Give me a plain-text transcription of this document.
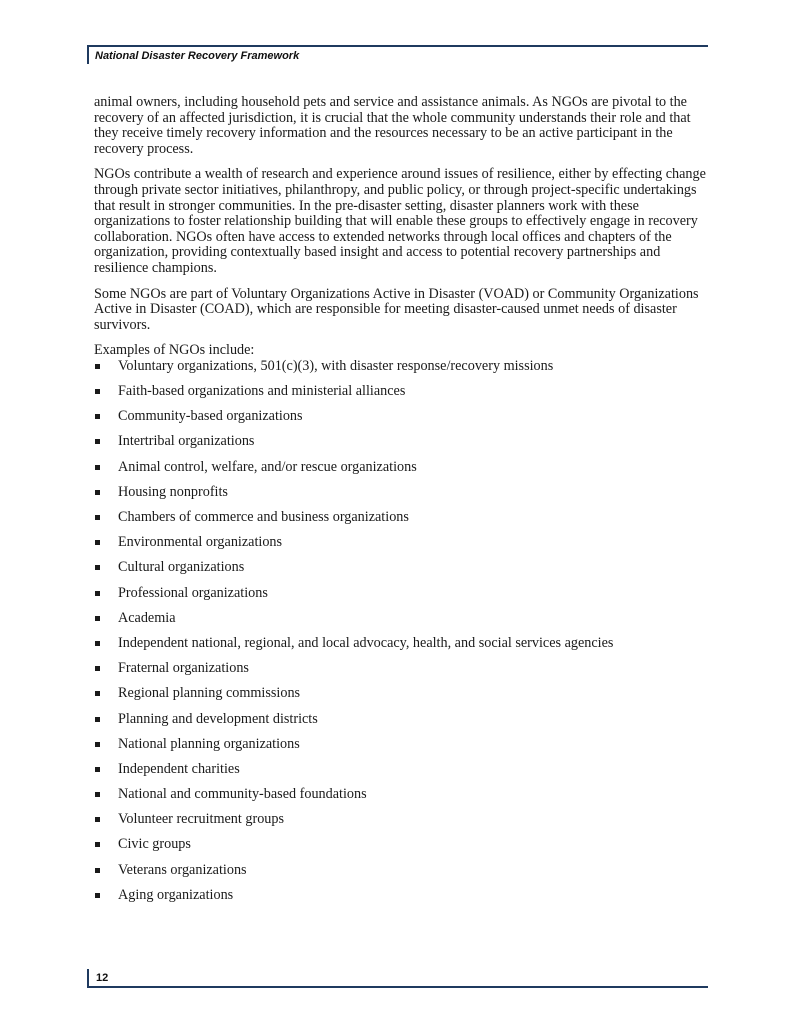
National Disaster Recovery Framework

animal owners, including household pets and service and assistance animals. As NGOs are pivotal to the recovery of an affected jurisdiction, it is crucial that the whole community understands their role and that they receive timely recovery information and the resources necessary to be an active participant in the recovery process.

NGOs contribute a wealth of research and experience around issues of resilience, either by effecting change through private sector initiatives, philanthropy, and public policy, or through project-specific undertakings that result in stronger communities. In the pre-disaster setting, disaster planners work with these organizations to foster relationship building that will enable these groups to effectively engage in recovery collaboration. NGOs often have access to extended networks through local offices and chapters of the organization, providing contextually based insight and access to potential recovery partnerships and resilience champions.

Some NGOs are part of Voluntary Organizations Active in Disaster (VOAD) or Community Organizations Active in Disaster (COAD), which are responsible for meeting disaster-caused unmet needs of disaster survivors.

Examples of NGOs include:

Voluntary organizations, 501(c)(3), with disaster response/recovery missions
Faith-based organizations and ministerial alliances
Community-based organizations
Intertribal organizations
Animal control, welfare, and/or rescue organizations
Housing nonprofits
Chambers of commerce and business organizations
Environmental organizations
Cultural organizations
Professional organizations
Academia
Independent national, regional, and local advocacy, health, and social services agencies
Fraternal organizations
Regional planning commissions
Planning and development districts
National planning organizations
Independent charities
National and community-based foundations
Volunteer recruitment groups
Civic groups
Veterans organizations
Aging organizations
12
